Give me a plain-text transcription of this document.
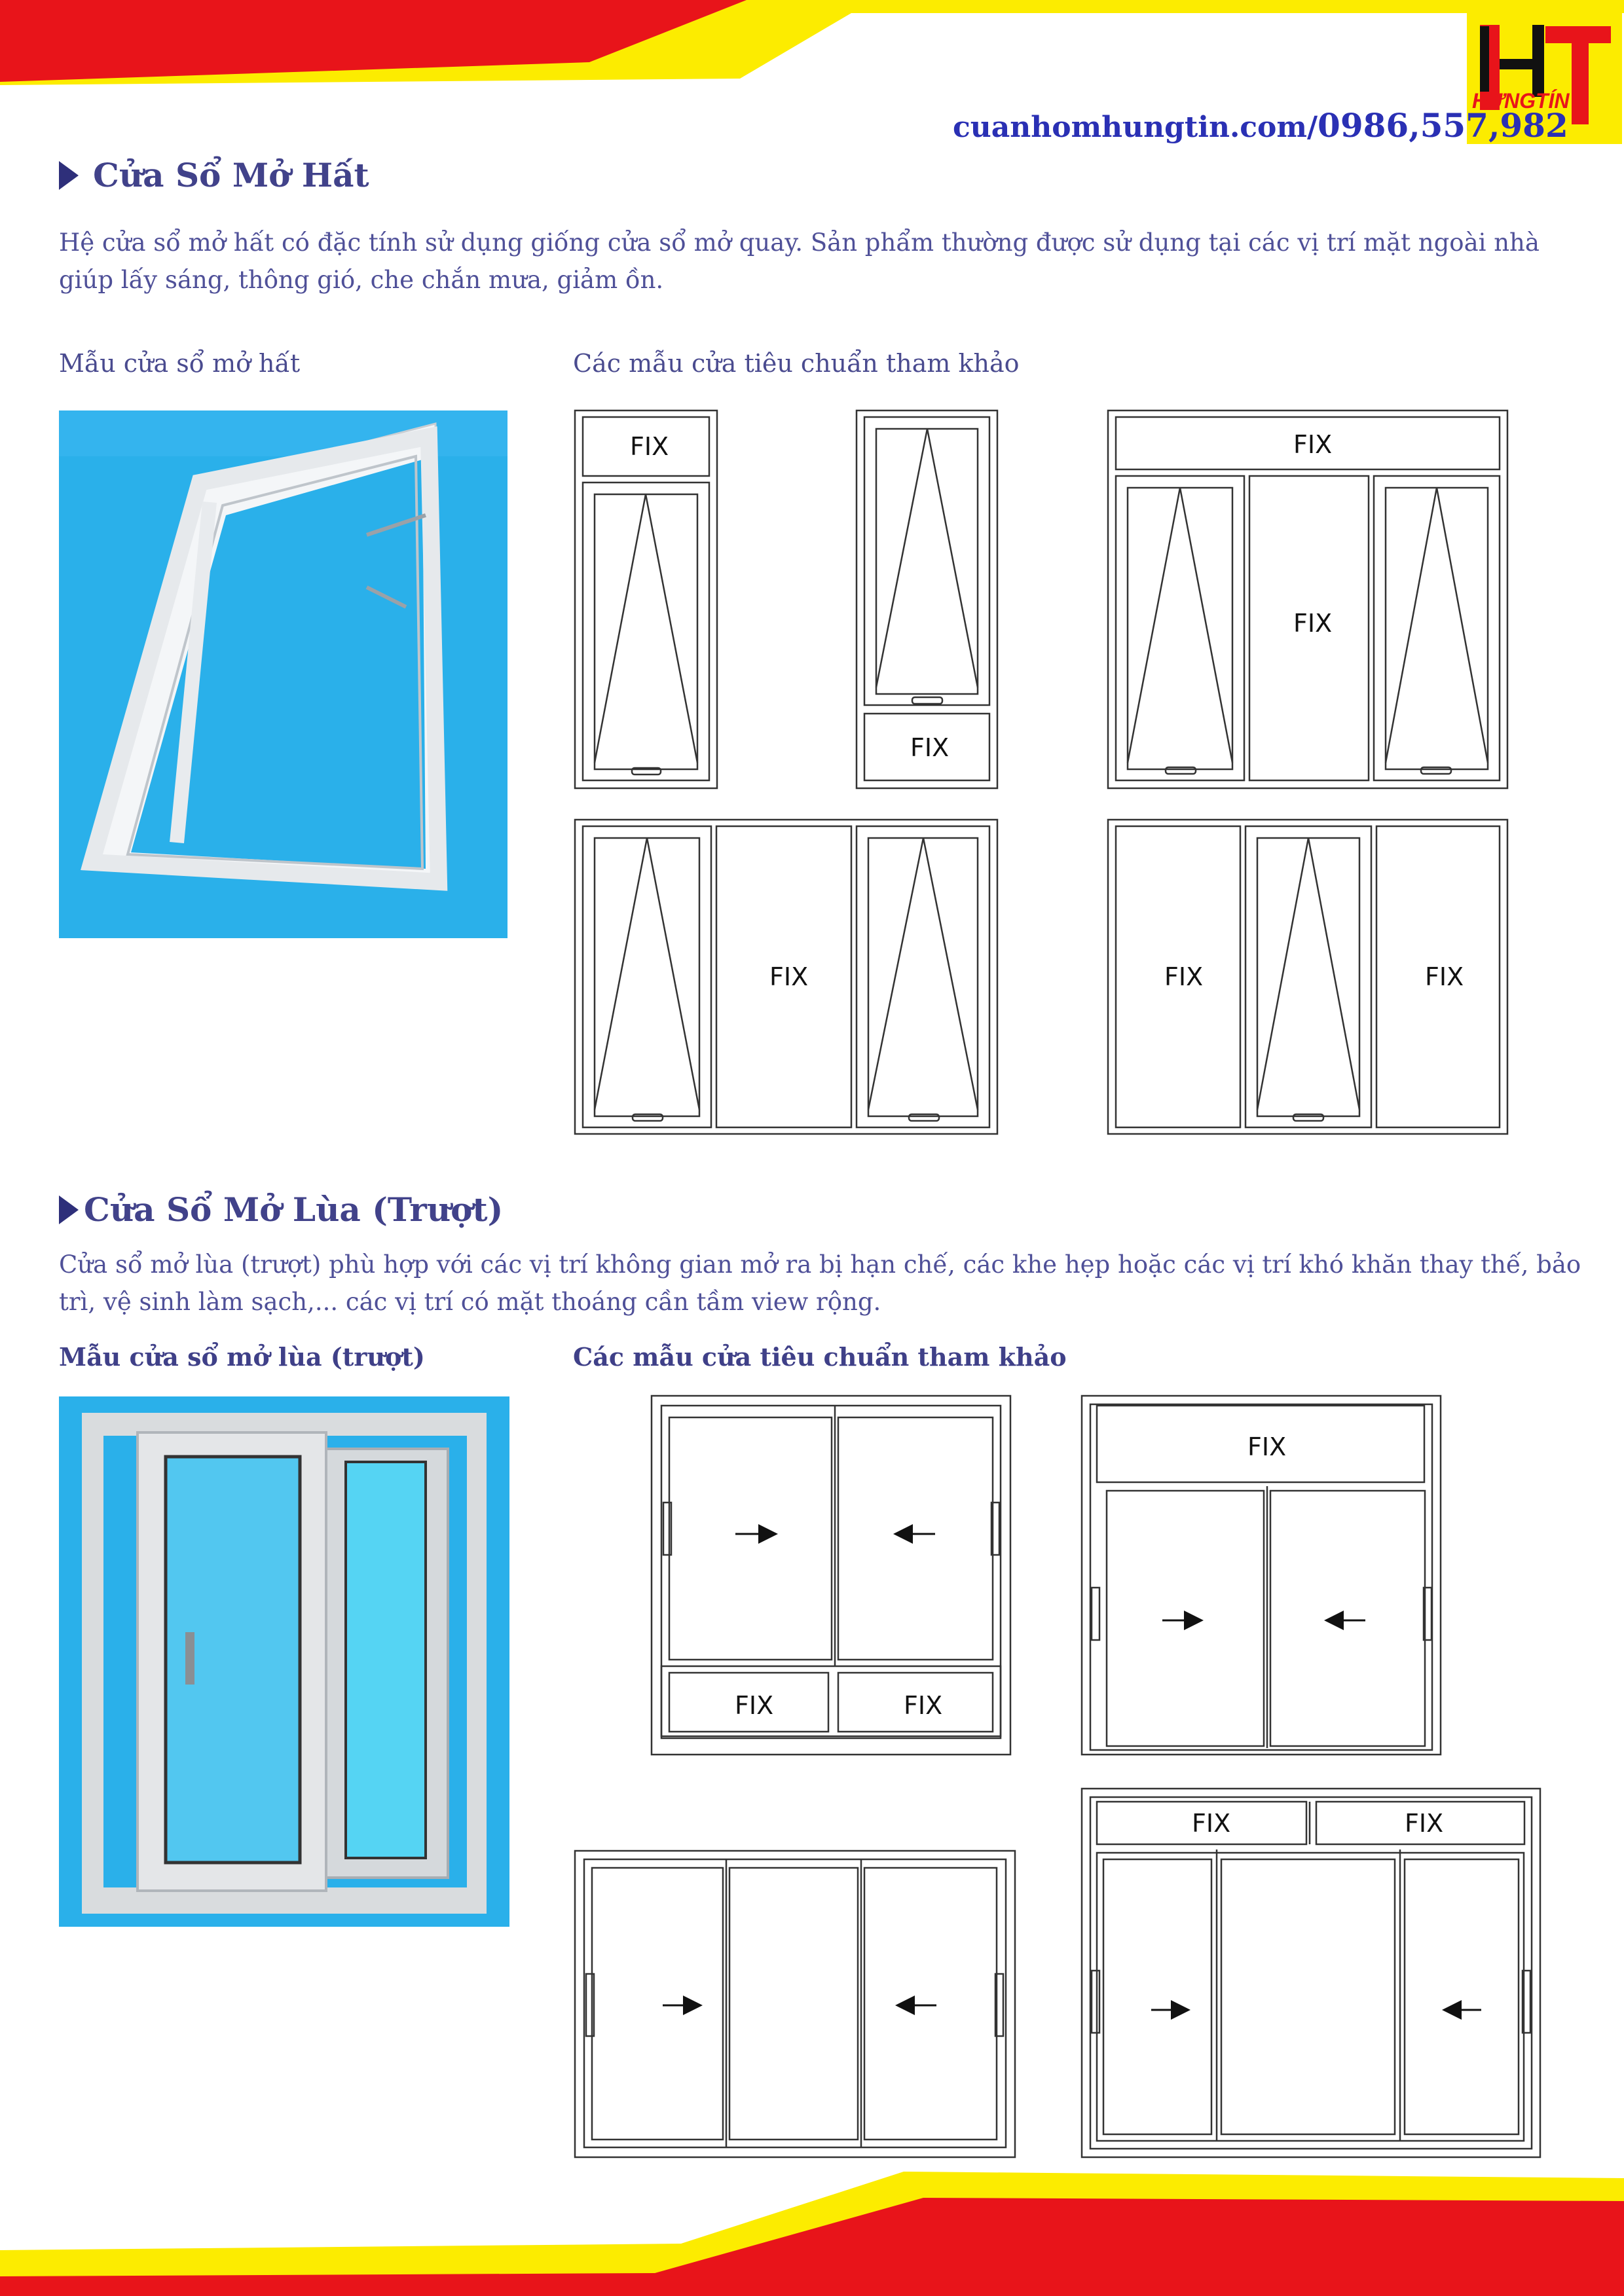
HƯNGTÍN
cuanhomhungtin.com/0986,557,982
Cửa Sổ Mở Hất
Hệ cửa sổ mở hất có đặc tính sử dụng giống cửa sổ mở quay. Sản phẩm thường được sử dụng tại các vị trí mặt ngoài nhà giúp lấy sáng, thông gió, che chắn mưa, giảm ồn.
Mẫu cửa sổ mở hất	Các mẫu cửa tiêu chuẩn tham khảo
FIX
FIX
FIX
FIX
FIX	FIX	FIX
Cửa Sổ Mở Lùa (Trượt)
Cửa sổ mở lùa (trượt) phù hợp với các vị trí không gian mở ra bị hạn chế, các khe hẹp hoặc các vị trí khó khăn thay thế, bảo trì, vệ sinh làm sạch,... các vị trí có mặt thoáng cần tầm view rộng.
Mẫu cửa sổ mở lùa (trượt)	Các mẫu cửa tiêu chuẩn tham khảo
FIX	FIX
FIX
FIX	FIX
